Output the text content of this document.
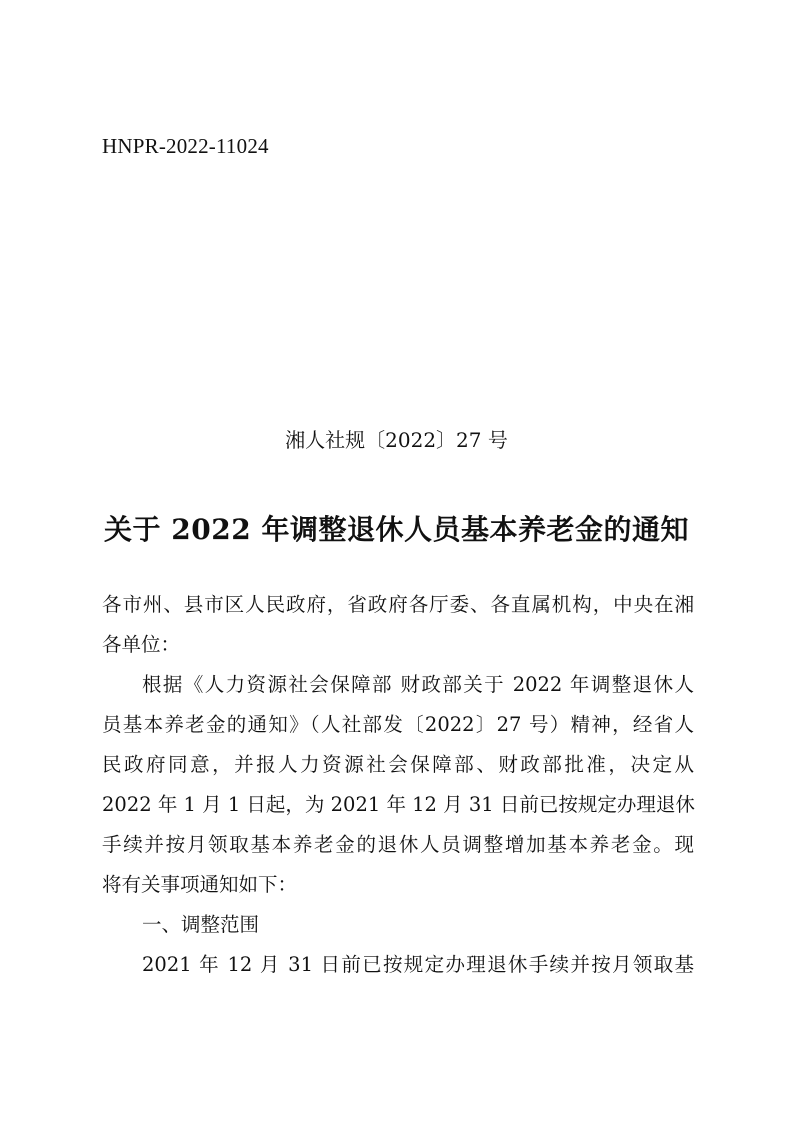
HNPR-2022-11024
湘人社规〔2022〕27 号
关于 2022 年调整退休人员基本养老金的通知
各市州、县市区人民政府，省政府各厅委、各直属机构，中央在湘
各单位：
根据《人力资源社会保障部 财政部关于 2022 年调整退休人
员基本养老金的通知》（人社部发〔2022〕27 号）精神，经省人
民政府同意，并报人力资源社会保障部、财政部批准，决定从
2022 年 1 月 1 日起，为 2021 年 12 月 31 日前已按规定办理退休
手续并按月领取基本养老金的退休人员调整增加基本养老金。现
将有关事项通知如下：
一、调整范围
2021 年 12 月 31 日前已按规定办理退休手续并按月领取基
